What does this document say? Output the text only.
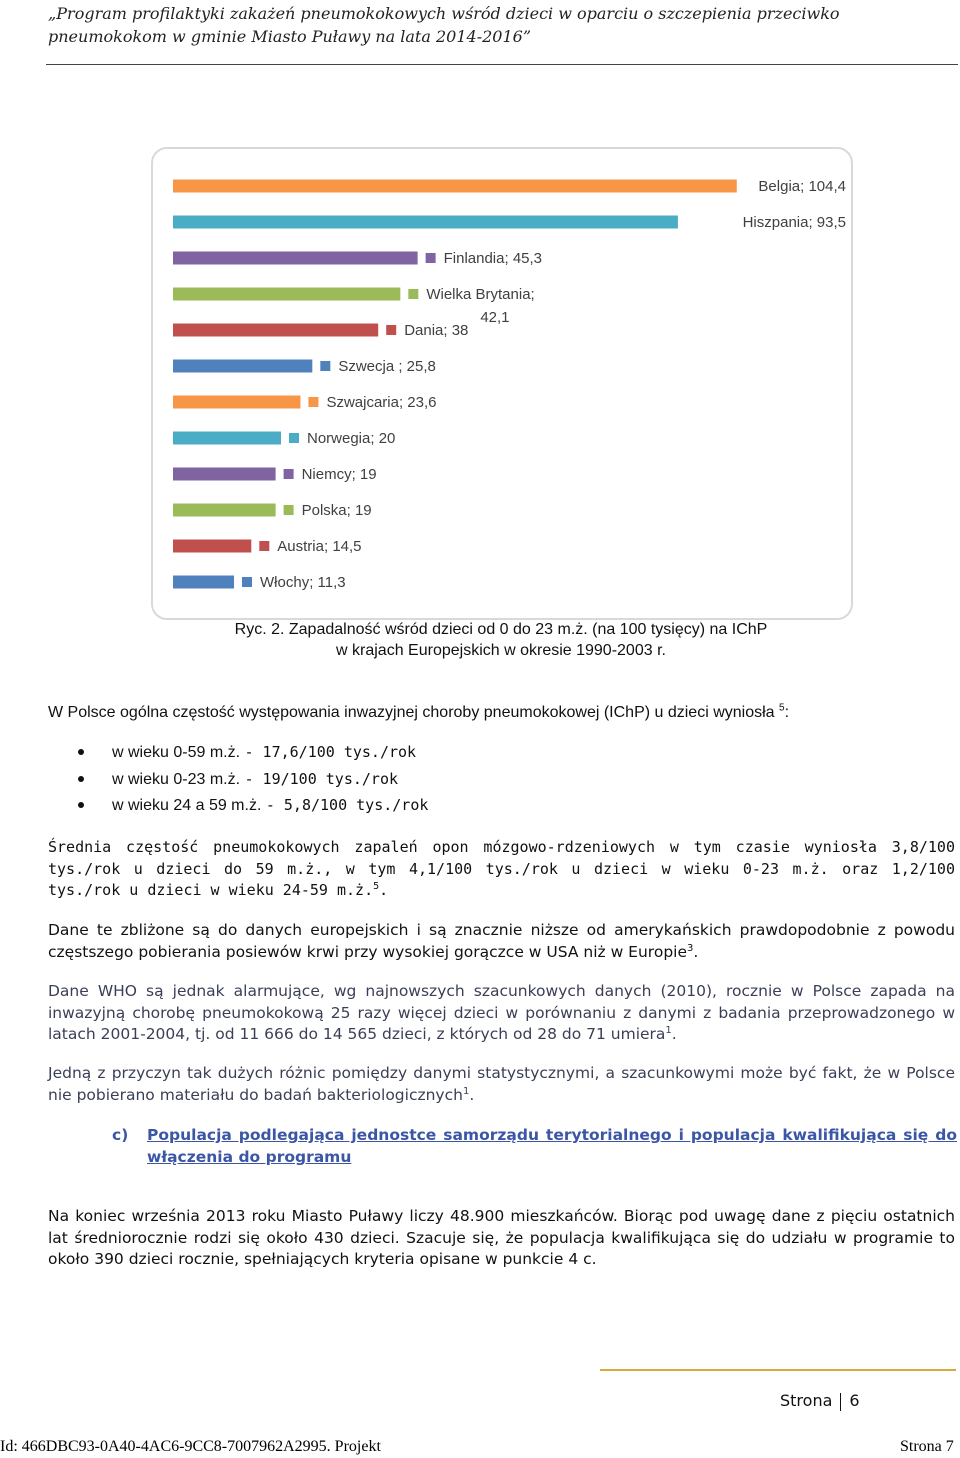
„Program profilaktyki zakażeń pneumokokowych wśród dzieci w oparciu o szczepienia przeciwko pneumokokom w gminie Miasto Puławy na lata 2014-2016”
Belgia; 104,4
Hiszpania; 93,5
Finlandia; 45,3
Wielka Brytania;
42,1
Dania; 38
Szwecja ; 25,8
Szwajcaria; 23,6
Norwegia; 20
Niemcy; 19
Polska; 19
Austria; 14,5
Włochy; 11,3
Ryc. 2. Zapadalność wśród dzieci od 0 do 23 m.ż. (na 100 tysięcy) na IChP
w krajach Europejskich w okresie 1990-2003 r.

W Polsce ogólna częstość występowania inwazyjnej choroby pneumokokowej (IChP) u dzieci wyniosła $^5$:

w wieku 0-59 m.ż. - 17,6/100 tys./rok
w wieku 0-23 m.ż. - 19/100 tys./rok
w wieku 24 a 59 m.ż. - 5,8/100 tys./rok

Średnia częstość pneumokokowych zapaleń opon mózgowo-rdzeniowych w tym czasie wyniosła 3,8/100 tys./rok u dzieci do 59 m.ż., w tym 4,1/100 tys./rok u dzieci w wieku 0-23 m.ż. oraz 1,2/100 tys./rok u dzieci w wieku 24-59 m.ż.$^5$.

Dane te zbliżone są do danych europejskich i są znacznie niższe od amerykańskich prawdopodobnie z powodu częstszego pobierania posiewów krwi przy wysokiej gorączce w USA niż w Europie$^3$.

Dane WHO są jednak alarmujące, wg najnowszych szacunkowych danych (2010), rocznie w Polsce zapada na inwazyjną chorobę pneumokokową 25 razy więcej dzieci w porównaniu z danymi z badania przeprowadzonego w latach 2001-2004, tj. od 11 666 do 14 565 dzieci, z których od 28 do 71 umiera$^1$.

Jedną z przyczyn tak dużych różnic pomiędzy danymi statystycznymi, a szacunkowymi może być fakt, że w Polsce nie pobierano materiału do badań bakteriologicznych$^1$.

c) Populacja podlegająca jednostce samorządu terytorialnego i populacja kwalifikująca się do włączenia do programu

Na koniec września 2013 roku Miasto Puławy liczy 48.900 mieszkańców. Biorąc pod uwagę dane z pięciu ostatnich lat średniorocznie rodzi się około 430 dzieci. Szacuje się, że populacja kwalifikująca się do udziału w programie to około 390 dzieci rocznie, spełniających kryteria opisane w punkcie 4 c.

Strona 6
Id: 466DBC93-0A40-4AC6-9CC8-7007962A2995. Projekt	Strona 7
